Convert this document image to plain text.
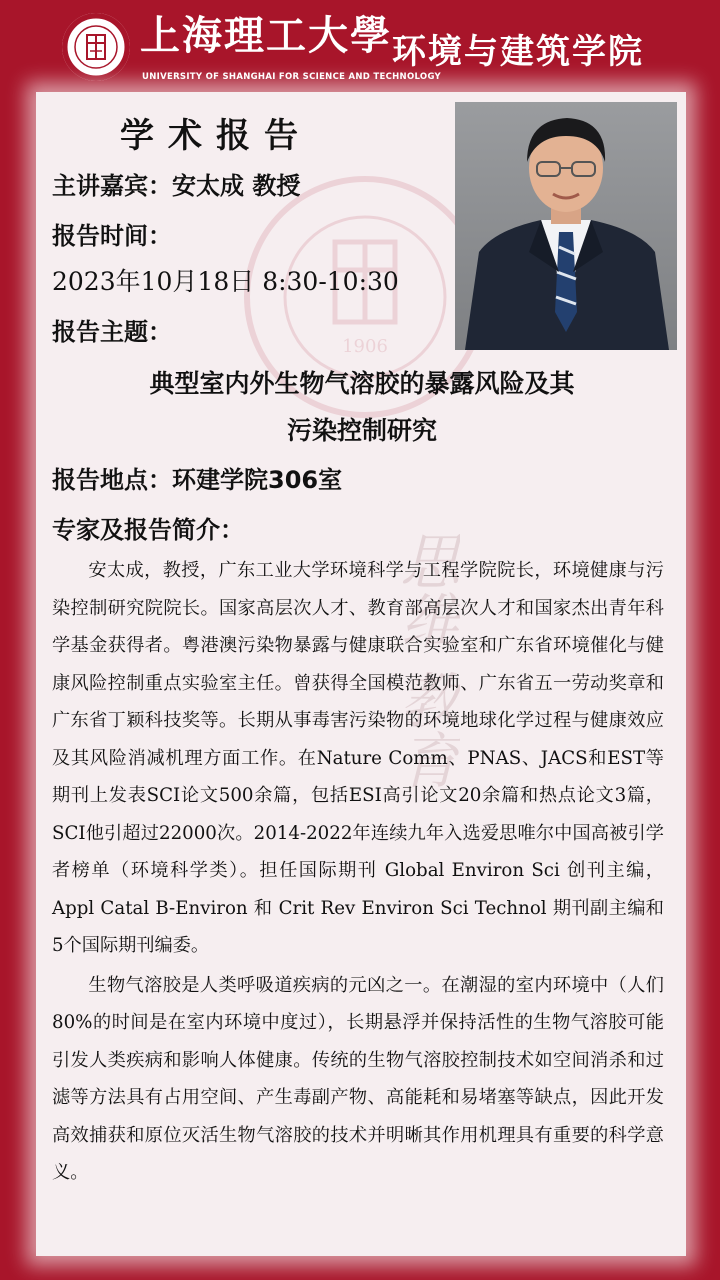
上海理工大學
UNIVERSITY OF SHANGHAI FOR SCIENCE AND TECHNOLOGY
环境与建筑学院
1906
思维 教育
学术报告
主讲嘉宾：安太成 教授
报告时间：
2023年10月18日 8:30-10:30
报告主题：
典型室内外生物气溶胶的暴露风险及其
污染控制研究
报告地点：环建学院306室
专家及报告简介：

安太成，教授，广东工业大学环境科学与工程学院院长，环境健康与污染控制研究院院长。国家高层次人才、教育部高层次人才和国家杰出青年科学基金获得者。粤港澳污染物暴露与健康联合实验室和广东省环境催化与健康风险控制重点实验室主任。曾获得全国模范教师、广东省五一劳动奖章和广东省丁颖科技奖等。长期从事毒害污染物的环境地球化学过程与健康效应及其风险消减机理方面工作。在Nature Comm、PNAS、JACS和EST等期刊上发表SCI论文500余篇，包括ESI高引论文20余篇和热点论文3篇，SCI他引超过22000次。2014-2022年连续九年入选爱思唯尔中国高被引学者榜单（环境科学类）。担任国际期刊 Global Environ Sci 创刊主编，Appl Catal B-Environ 和 Crit Rev Environ Sci Technol 期刊副主编和5个国际期刊编委。

生物气溶胶是人类呼吸道疾病的元凶之一。在潮湿的室内环境中（人们80%的时间是在室内环境中度过），长期悬浮并保持活性的生物气溶胶可能引发人类疾病和影响人体健康。传统的生物气溶胶控制技术如空间消杀和过滤等方法具有占用空间、产生毒副产物、高能耗和易堵塞等缺点，因此开发高效捕获和原位灭活生物气溶胶的技术并明晰其作用机理具有重要的科学意义。
